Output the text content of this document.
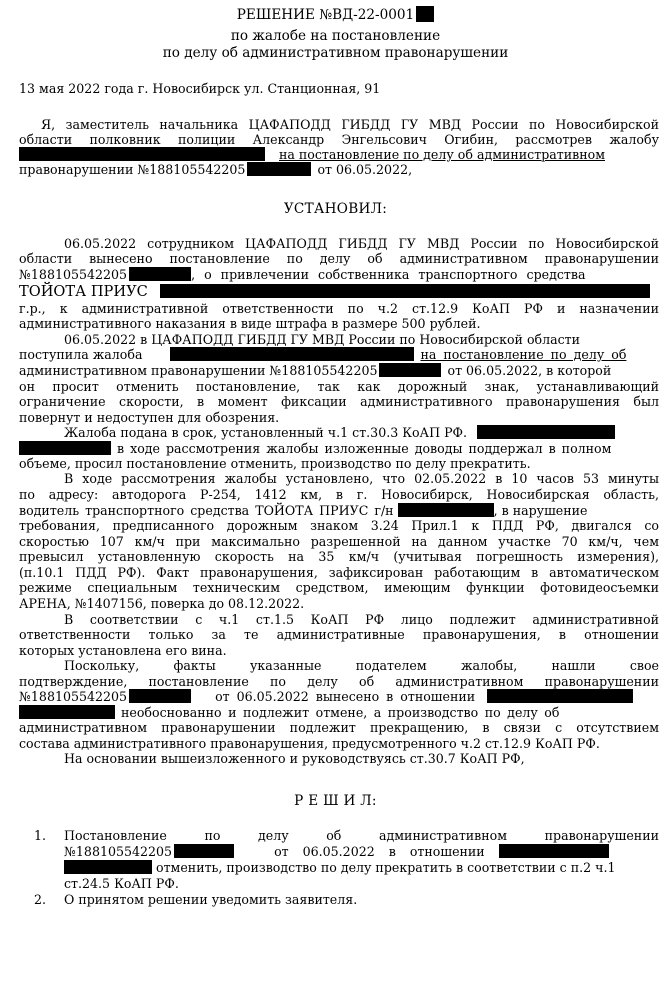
РЕШЕНИЕ №ВД-22-0001
по жалобе на постановление
по делу об административном правонарушении
13 мая 2022 года г. Новосибирск ул. Станционная, 91
Я, заместитель начальника ЦАФАПОДД ГИБДД ГУ МВД России по Новосибирской
области полковник полиции Александр Энгельсович Огибин, рассмотрев жалобу
на постановление по делу об административном
правонарушении №188105542205	от 06.05.2022,
УСТАНОВИЛ:
06.05.2022 сотрудником ЦАФАПОДД ГИБДД ГУ МВД России по Новосибирской
области вынесено постановление по делу об административном правонарушении
№188105542205	, о привлечении собственника транспортного средства
ТОЙОТА ПРИУС
г.р., к административной ответственности по ч.2 ст.12.9 КоАП РФ и назначении
административного наказания в виде штрафа в размере 500 рублей.
06.05.2022 в ЦАФАПОДД ГИБДД ГУ МВД России по Новосибирской области
поступила жалоба	на постановление по делу об
административном правонарушении №188105542205	от 06.05.2022, в которой
он просит отменить постановление, так как дорожный знак, устанавливающий
ограничение скорости, в момент фиксации административного правонарушения был
повернут и недоступен для обозрения.
Жалоба подана в срок, установленный ч.1 ст.30.3 КоАП РФ.
в ходе рассмотрения жалобы изложенные доводы поддержал в полном
объеме, просил постановление отменить, производство по делу прекратить.
В ходе рассмотрения жалобы установлено, что 02.05.2022 в 10 часов 53 минуты
по адресу: автодорога Р-254, 1412 км, в г. Новосибирск, Новосибирская область,
водитель транспортного средства ТОЙОТА ПРИУС г/н	, в нарушение
требования, предписанного дорожным знаком 3.24 Прил.1 к ПДД РФ, двигался со
скоростью 107 км/ч при максимально разрешенной на данном участке 70 км/ч, чем
превысил установленную скорость на 35 км/ч (учитывая погрешность измерения),
(п.10.1 ПДД РФ). Факт правонарушения, зафиксирован работающим в автоматическом
режиме специальным техническим средством, имеющим функции фотовидеосъемки
АРЕНА, №1407156, поверка до 08.12.2022.
В соответствии с ч.1 ст.1.5 КоАП РФ лицо подлежит административной
ответственности только за те административные правонарушения, в отношении
которых установлена его вина.
Поскольку, факты указанные подателем жалобы, нашли свое
подтверждение, постановление по делу об административном правонарушении
№188105542205	от 06.05.2022 вынесено в отношении
необоснованно и подлежит отмене, а производство по делу об
административном правонарушении подлежит прекращению, в связи с отсутствием
состава административного правонарушения, предусмотренного ч.2 ст.12.9 КоАП РФ.
На основании вышеизложенного и руководствуясь ст.30.7 КоАП РФ,
Р Е Ш И Л:
1. Постановление по делу об административном правонарушении
№188105542205	от 06.05.2022 в отношении
отменить, производство по делу прекратить в соответствии с п.2 ч.1
ст.24.5 КоАП РФ.
2. О принятом решении уведомить заявителя.
